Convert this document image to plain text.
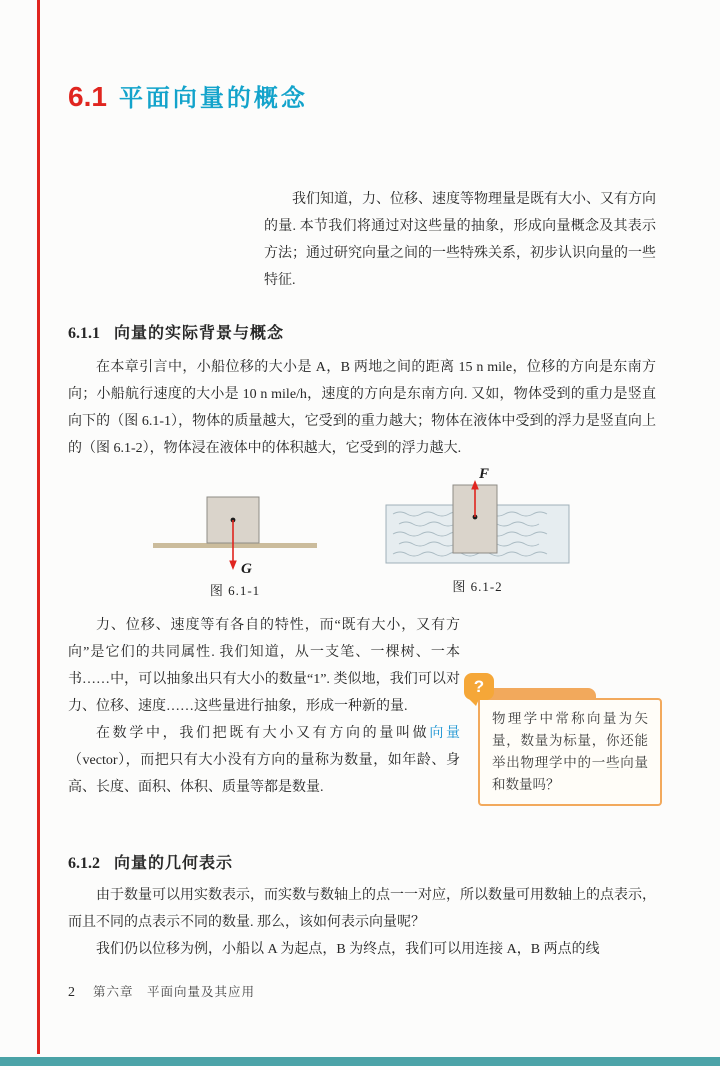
6.1 平面向量的概念

我们知道，力、位移、速度等物理量是既有大小、又有方向的量. 本节我们将通过对这些量的抽象，形成向量概念及其表示方法；通过研究向量之间的一些特殊关系，初步认识向量的一些特征.

6.1.1 向量的实际背景与概念

在本章引言中，小船位移的大小是 A，B 两地之间的距离 15 n mile，位移的方向是东南方向；小船航行速度的大小是 10 n mile/h，速度的方向是东南方向. 又如，物体受到的重力是竖直向下的（图 6.1-1），物体的质量越大，它受到的重力越大；物体在液体中受到的浮力是竖直向上的（图 6.1-2），物体浸在液体中的体积越大，它受到的浮力越大.

G
图 6.1-1
F
图 6.1-2

力、位移、速度等有各自的特性，而“既有大小，又有方向”是它们的共同属性. 我们知道，从一支笔、一棵树、一本书……中，可以抽象出只有大小的数量“1”. 类似地，我们可以对力、位移、速度……这些量进行抽象，形成一种新的量.

在数学中，我们把既有大小又有方向的量叫做向量（vector），而把只有大小没有方向的量称为数量，如年龄、身高、长度、面积、体积、质量等都是数量.

?
物理学中常称向量为矢量，数量为标量，你还能举出物理学中的一些向量和数量吗？
6.1.2 向量的几何表示

由于数量可以用实数表示，而实数与数轴上的点一一对应，所以数量可用数轴上的点表示，而且不同的点表示不同的数量. 那么，该如何表示向量呢？

我们仍以位移为例，小船以 A 为起点，B 为终点，我们可以用连接 A，B 两点的线

2 第六章　平面向量及其应用
